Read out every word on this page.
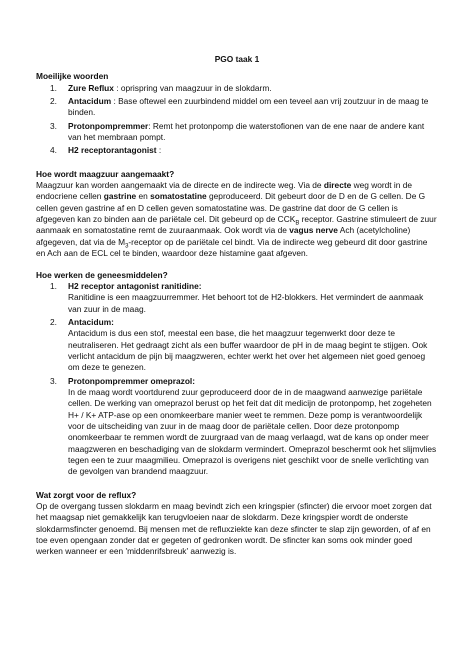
PGO taak 1

Moeilijke woorden

1. Zure Reflux : oprispring van maagzuur in de slokdarm.
2. Antacidum : Base oftewel een zuurbindend middel om een teveel aan vrij zoutzuur in de maag te binden.
3. Protonpompremmer: Remt het protonpomp die waterstofionen van de ene naar de andere kant van het membraan pompt.
4. H2 receptorantagonist :

Hoe wordt maagzuur aangemaakt?

Maagzuur kan worden aangemaakt via de directe en de indirecte weg. Via de directe weg wordt in de endocriene cellen gastrine en somatostatine geproduceerd. Dit gebeurt door de D en de G cellen. De G cellen geven gastrine af en D cellen geven somatostatine was. De gastrine dat door de G cellen is afgegeven kan zo binden aan de pariëtale cel. Dit gebeurd op de $CCK_B$ receptor. Gastrine stimuleert de zuur aanmaak en somatostatine remt de zuuraanmaak. Ook wordt via de vagus nerve Ach (acetylcholine) afgegeven, dat via de $M_3$-receptor op de pariëtale cel bindt. Via de indirecte weg gebeurd dit door gastrine en Ach aan de ECL cel te binden, waardoor deze histamine gaat afgeven.

Hoe werken de geneesmiddelen?

1. H2 receptor antagonist ranitidine:
Ranitidine is een maagzuurremmer. Het behoort tot de H2-blokkers. Het vermindert de aanmaak van zuur in de maag.
2. Antacidum:
Antacidum is dus een stof, meestal een base, die het maagzuur tegenwerkt door deze te neutraliseren. Het gedraagt zicht als een buffer waardoor de pH in de maag begint te stijgen. Ook verlicht antacidum de pijn bij maagzweren, echter werkt het over het algemeen niet goed genoeg om deze te genezen.
3. Protonpompremmer omeprazol:
In de maag wordt voortdurend zuur geproduceerd door de in de maagwand aanwezige pariëtale cellen. De werking van omeprazol berust op het feit dat dit medicijn de protonpomp, het zogeheten H+ / K+ ATP-ase op een onomkeerbare manier weet te remmen. Deze pomp is verantwoordelijk voor de uitscheiding van zuur in de maag door de pariëtale cellen. Door deze protonpomp onomkeerbaar te remmen wordt de zuurgraad van de maag verlaagd, wat de kans op onder meer maagzweren en beschadiging van de slokdarm vermindert. Omeprazol beschermt ook het slijmvlies tegen een te zuur maagmilieu. Omeprazol is overigens niet geschikt voor de snelle verlichting van de gevolgen van brandend maagzuur.

Wat zorgt voor de reflux?

Op de overgang tussen slokdarm en maag bevindt zich een kringspier (sfincter) die ervoor moet zorgen dat het maagsap niet gemakkelijk kan terugvloeien naar de slokdarm. Deze kringspier wordt de onderste slokdarmsfincter genoemd. Bij mensen met de refluxziekte kan deze sfincter te slap zijn geworden, of af en toe even opengaan zonder dat er gegeten of gedronken wordt. De sfincter kan soms ook minder goed werken wanneer er een 'middenrifsbreuk' aanwezig is.
